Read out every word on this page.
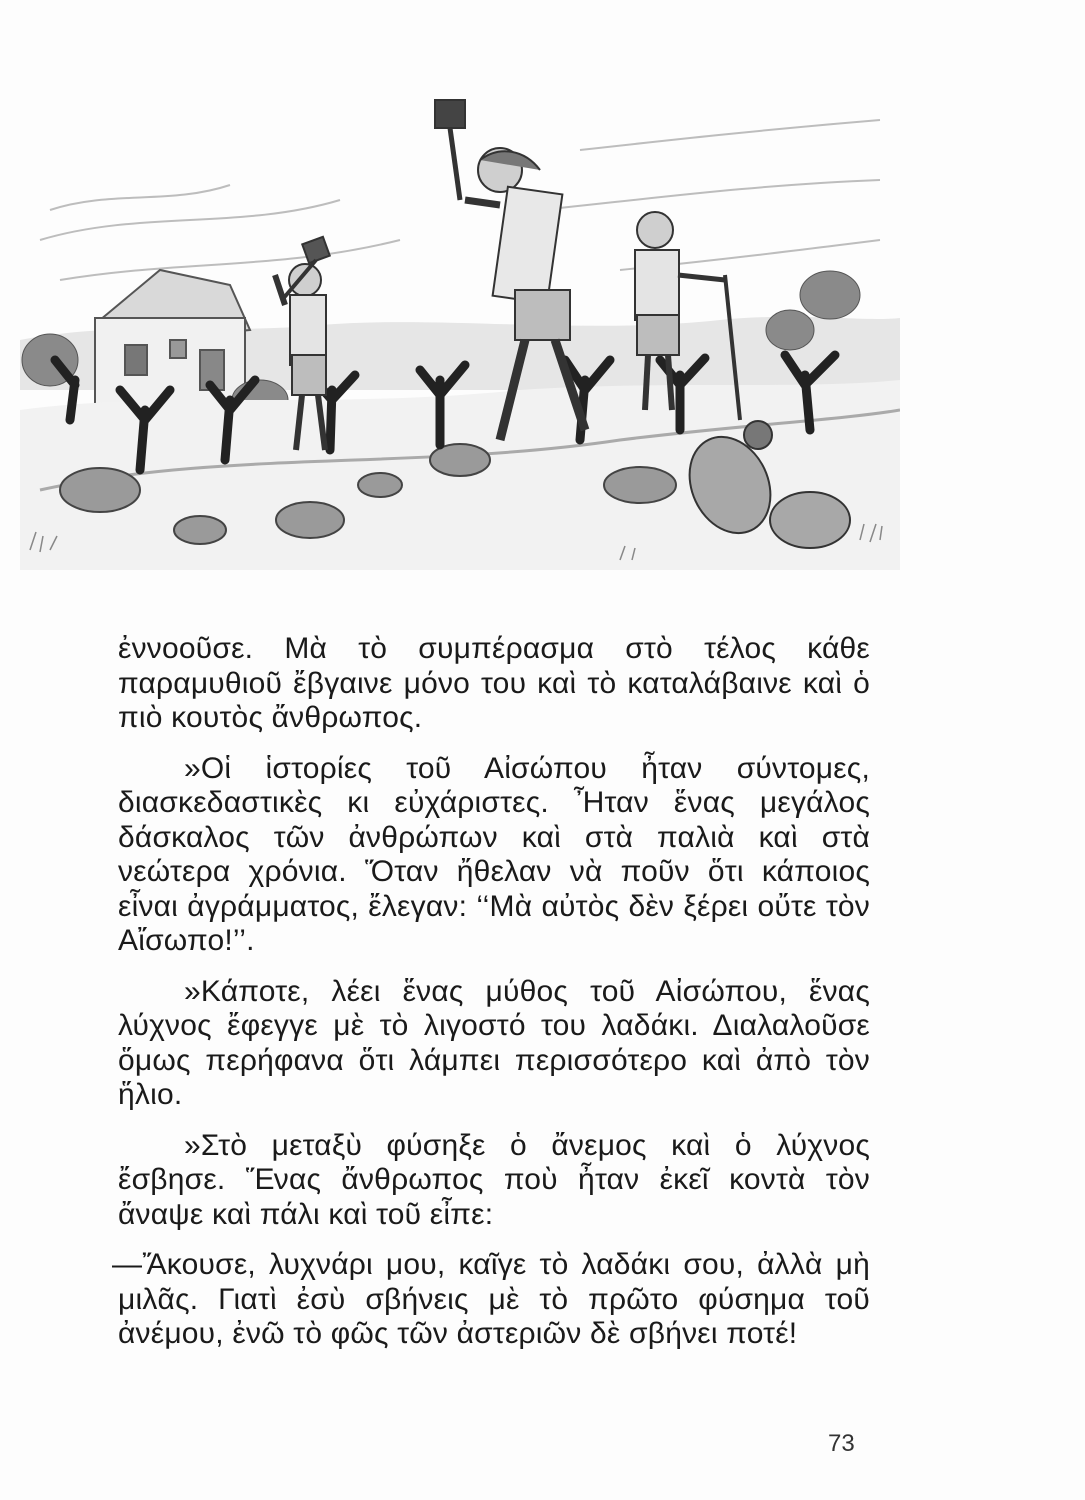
ἐννοοῦσε. Μὰ τὸ συμπέρασμα στὸ τέλος κάθε παραμυθιοῦ ἔβγαινε μόνο του καὶ τὸ καταλάβαινε καὶ ὁ πιὸ κουτὸς ἄνθρωπος.

»Οἱ ἱστορίες τοῦ Αἰσώπου ἦταν σύντομες, διασκεδαστικὲς κι εὐχάριστες. Ἦταν ἕνας μεγάλος δάσκαλος τῶν ἀνθρώπων καὶ στὰ παλιὰ καὶ στὰ νεώτερα χρόνια. Ὅταν ἤθελαν νὰ ποῦν ὅτι κάποιος εἶναι ἀγράμματος, ἔλεγαν: ‘‘Μὰ αὐτὸς δὲν ξέρει οὔτε τὸν Αἴσωπο!’’.

»Κάποτε, λέει ἕνας μύθος τοῦ Αἰσώπου, ἕνας λύχνος ἔφεγγε μὲ τὸ λιγοστό του λαδάκι. Διαλαλοῦσε ὅμως περήφανα ὅτι λάμπει περισσότερο καὶ ἀπὸ τὸν ἥλιο.

»Στὸ μεταξὺ φύσηξε ὁ ἄνεμος καὶ ὁ λύχνος ἔσβησε. Ἕνας ἄνθρωπος ποὺ ἦταν ἐκεῖ κοντὰ τὸν ἄναψε καὶ πάλι καὶ τοῦ εἶπε:

—Ἄκουσε, λυχνάρι μου, καῖγε τὸ λαδάκι σου, ἀλλὰ μὴ μιλᾶς. Γιατὶ ἐσὺ σβήνεις μὲ τὸ πρῶτο φύσημα τοῦ ἀνέμου, ἐνῶ τὸ φῶς τῶν ἀστεριῶν δὲ σβήνει ποτέ!

73
